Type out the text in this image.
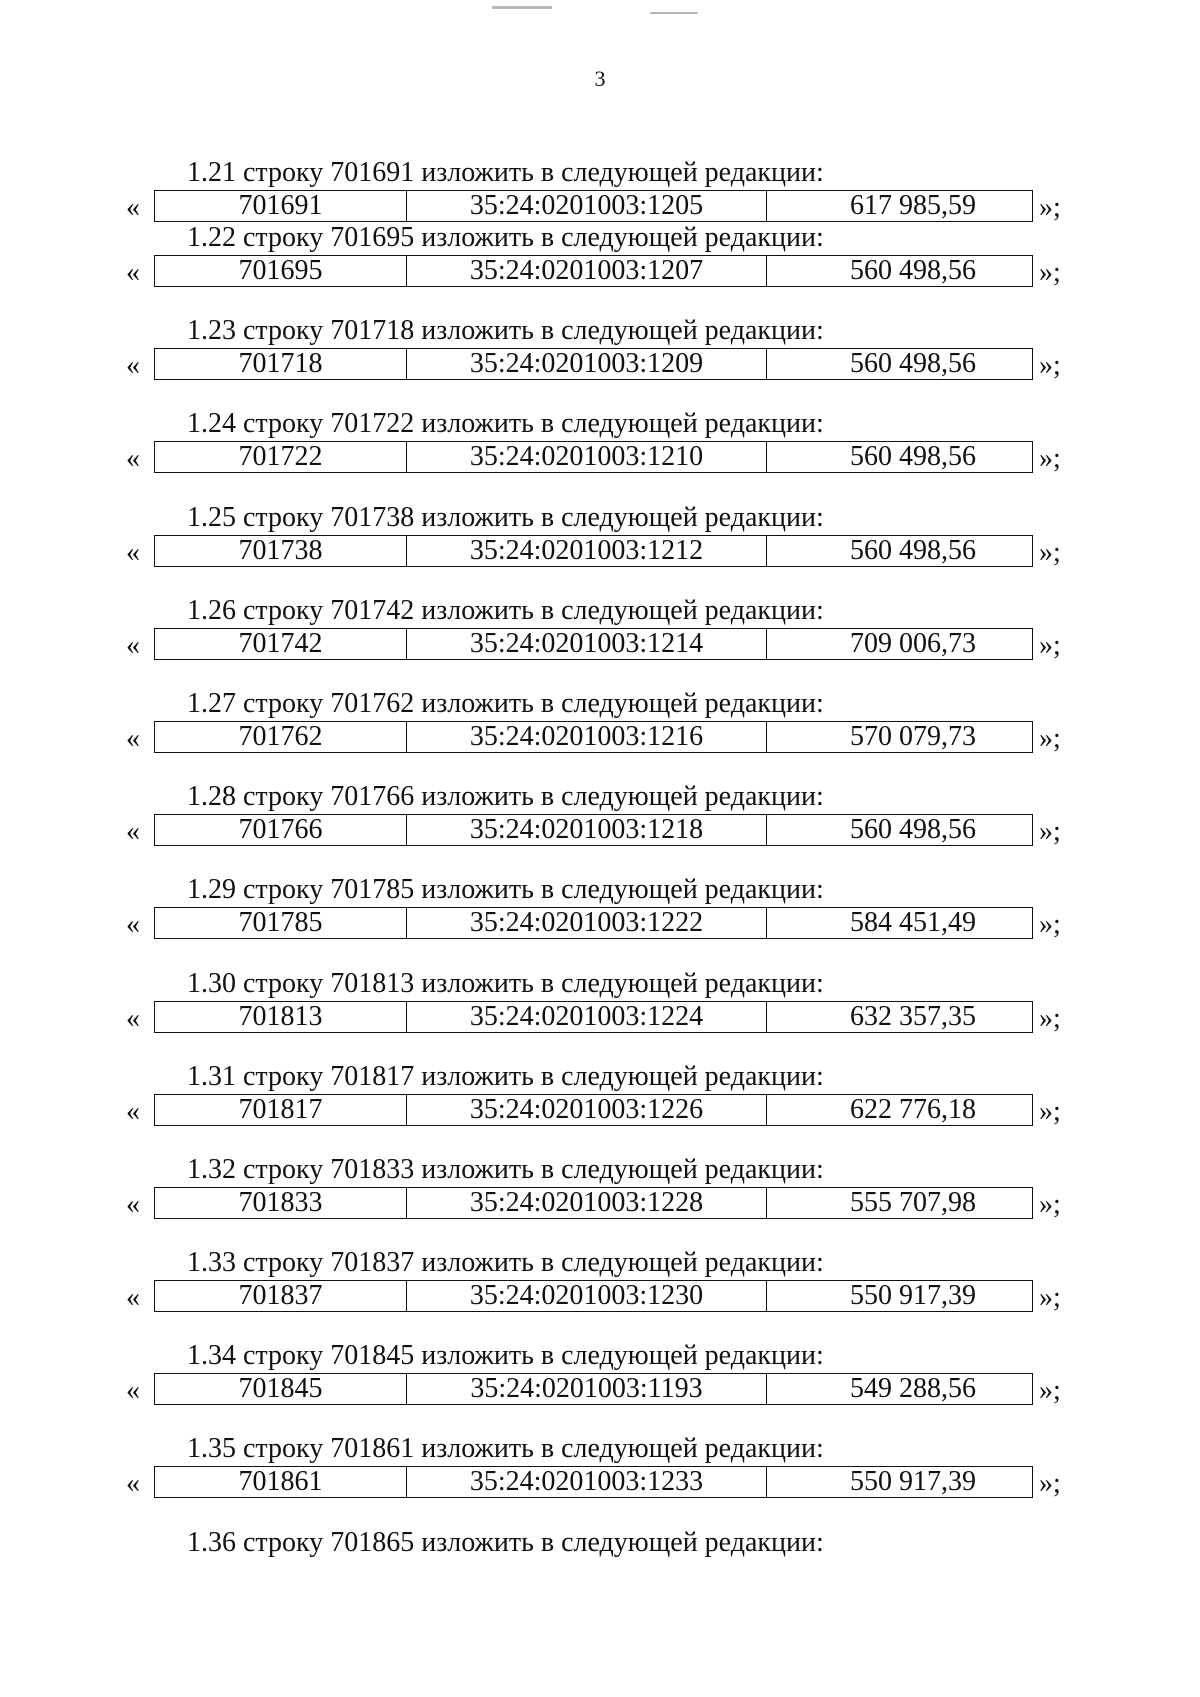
3
1.21 строку 701691 изложить в следующей редакции:
«	701691	35:24:0201003:1205	617 985,59	»;
1.22 строку 701695 изложить в следующей редакции:
«	701695	35:24:0201003:1207	560 498,56	»;
1.23 строку 701718 изложить в следующей редакции:
«	701718	35:24:0201003:1209	560 498,56	»;
1.24 строку 701722 изложить в следующей редакции:
«	701722	35:24:0201003:1210	560 498,56	»;
1.25 строку 701738 изложить в следующей редакции:
«	701738	35:24:0201003:1212	560 498,56	»;
1.26 строку 701742 изложить в следующей редакции:
«	701742	35:24:0201003:1214	709 006,73	»;
1.27 строку 701762 изложить в следующей редакции:
«	701762	35:24:0201003:1216	570 079,73	»;
1.28 строку 701766 изложить в следующей редакции:
«	701766	35:24:0201003:1218	560 498,56	»;
1.29 строку 701785 изложить в следующей редакции:
«	701785	35:24:0201003:1222	584 451,49	»;
1.30 строку 701813 изложить в следующей редакции:
«	701813	35:24:0201003:1224	632 357,35	»;
1.31 строку 701817 изложить в следующей редакции:
«	701817	35:24:0201003:1226	622 776,18	»;
1.32 строку 701833 изложить в следующей редакции:
«	701833	35:24:0201003:1228	555 707,98	»;
1.33 строку 701837 изложить в следующей редакции:
«	701837	35:24:0201003:1230	550 917,39	»;
1.34 строку 701845 изложить в следующей редакции:
«	701845	35:24:0201003:1193	549 288,56	»;
1.35 строку 701861 изложить в следующей редакции:
«	701861	35:24:0201003:1233	550 917,39	»;
1.36 строку 701865 изложить в следующей редакции:
